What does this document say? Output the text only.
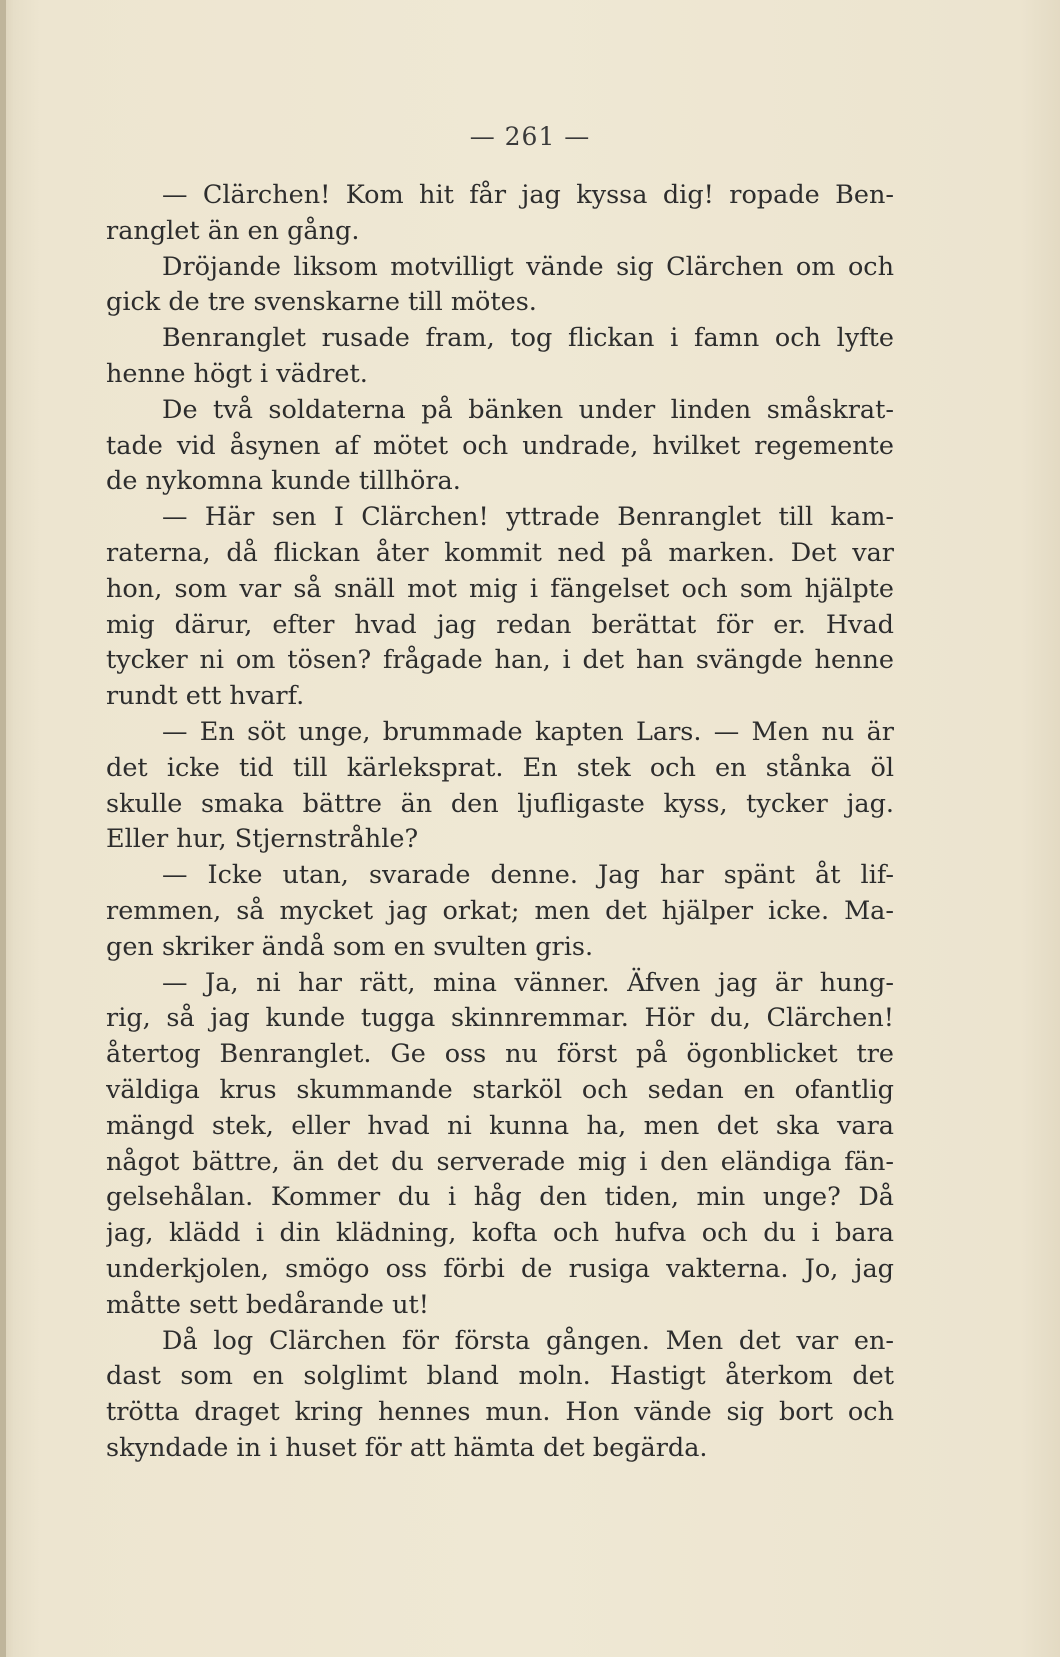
— 261 —
— Clärchen! Kom hit får jag kyssa dig! ropade Ben-
ranglet än en gång.
Dröjande liksom motvilligt vände sig Clärchen om och
gick de tre svenskarne till mötes.
Benranglet rusade fram, tog flickan i famn och lyfte
henne högt i vädret.
De två soldaterna på bänken under linden småskrat-
tade vid åsynen af mötet och undrade, hvilket regemente
de nykomna kunde tillhöra.
— Här sen I Clärchen! yttrade Benranglet till kam-
raterna, då flickan åter kommit ned på marken. Det var
hon, som var så snäll mot mig i fängelset och som hjälpte
mig därur, efter hvad jag redan berättat för er. Hvad
tycker ni om tösen? frågade han, i det han svängde henne
rundt ett hvarf.
— En söt unge, brummade kapten Lars. — Men nu är
det icke tid till kärleksprat. En stek och en stånka öl
skulle smaka bättre än den ljufligaste kyss, tycker jag.
Eller hur, Stjernstråhle?
— Icke utan, svarade denne. Jag har spänt åt lif-
remmen, så mycket jag orkat; men det hjälper icke. Ma-
gen skriker ändå som en svulten gris.
— Ja, ni har rätt, mina vänner. Äfven jag är hung-
rig, så jag kunde tugga skinnremmar. Hör du, Clärchen!
återtog Benranglet. Ge oss nu först på ögonblicket tre
väldiga krus skummande starköl och sedan en ofantlig
mängd stek, eller hvad ni kunna ha, men det ska vara
något bättre, än det du serverade mig i den eländiga fän-
gelsehålan. Kommer du i håg den tiden, min unge? Då
jag, klädd i din klädning, kofta och hufva och du i bara
underkjolen, smögo oss förbi de rusiga vakterna. Jo, jag
måtte sett bedårande ut!
Då log Clärchen för första gången. Men det var en-
dast som en solglimt bland moln. Hastigt återkom det
trötta draget kring hennes mun. Hon vände sig bort och
skyndade in i huset för att hämta det begärda.
